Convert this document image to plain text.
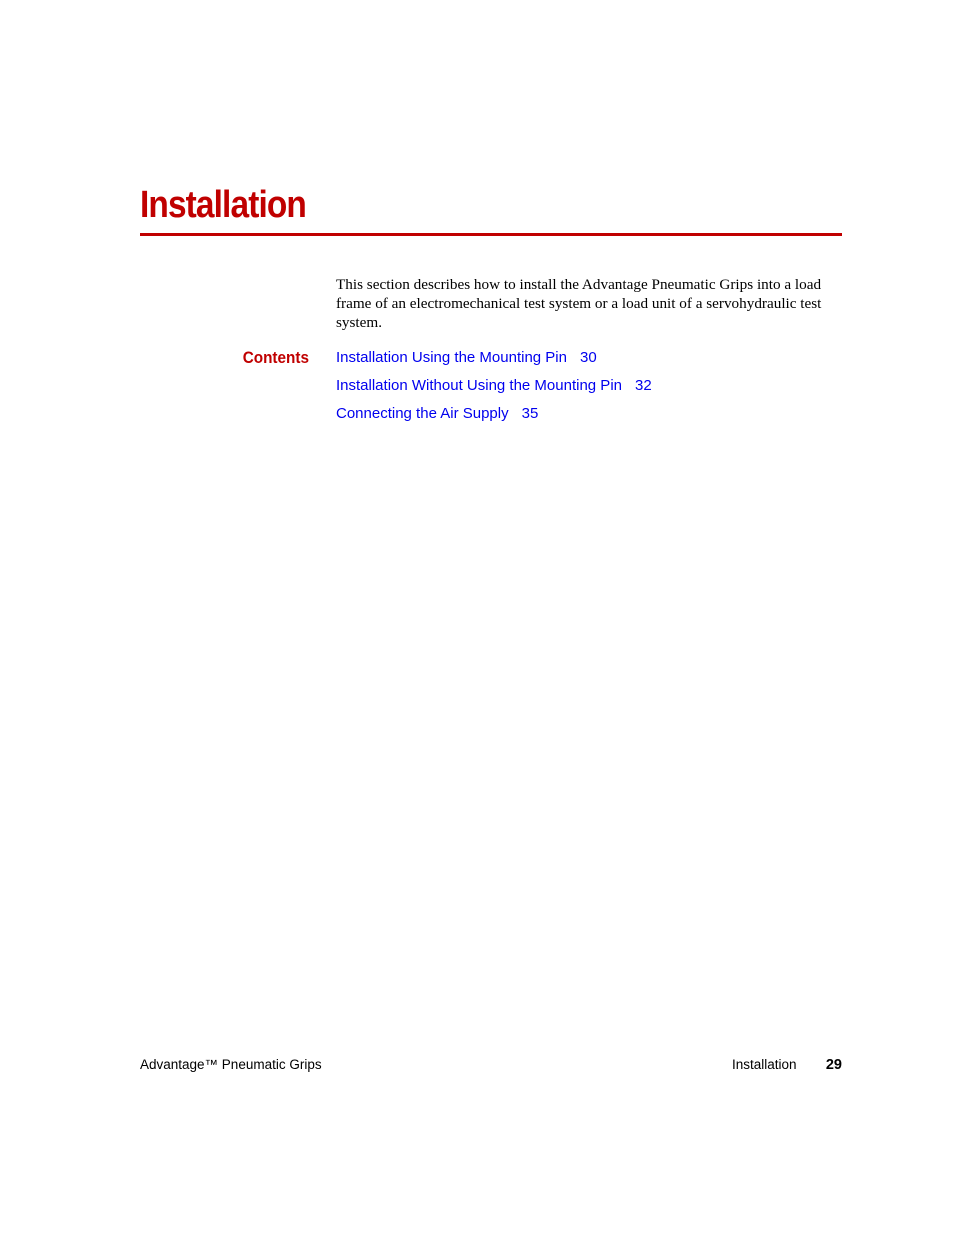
Installation

This section describes how to install the Advantage Pneumatic Grips into a load frame of an electromechanical test system or a load unit of a servohydraulic test system.

Contents Installation Using the Mounting Pin 30
Installation Without Using the Mounting Pin 32
Connecting the Air Supply 35
Advantage™ Pneumatic Grips	Installation 29
